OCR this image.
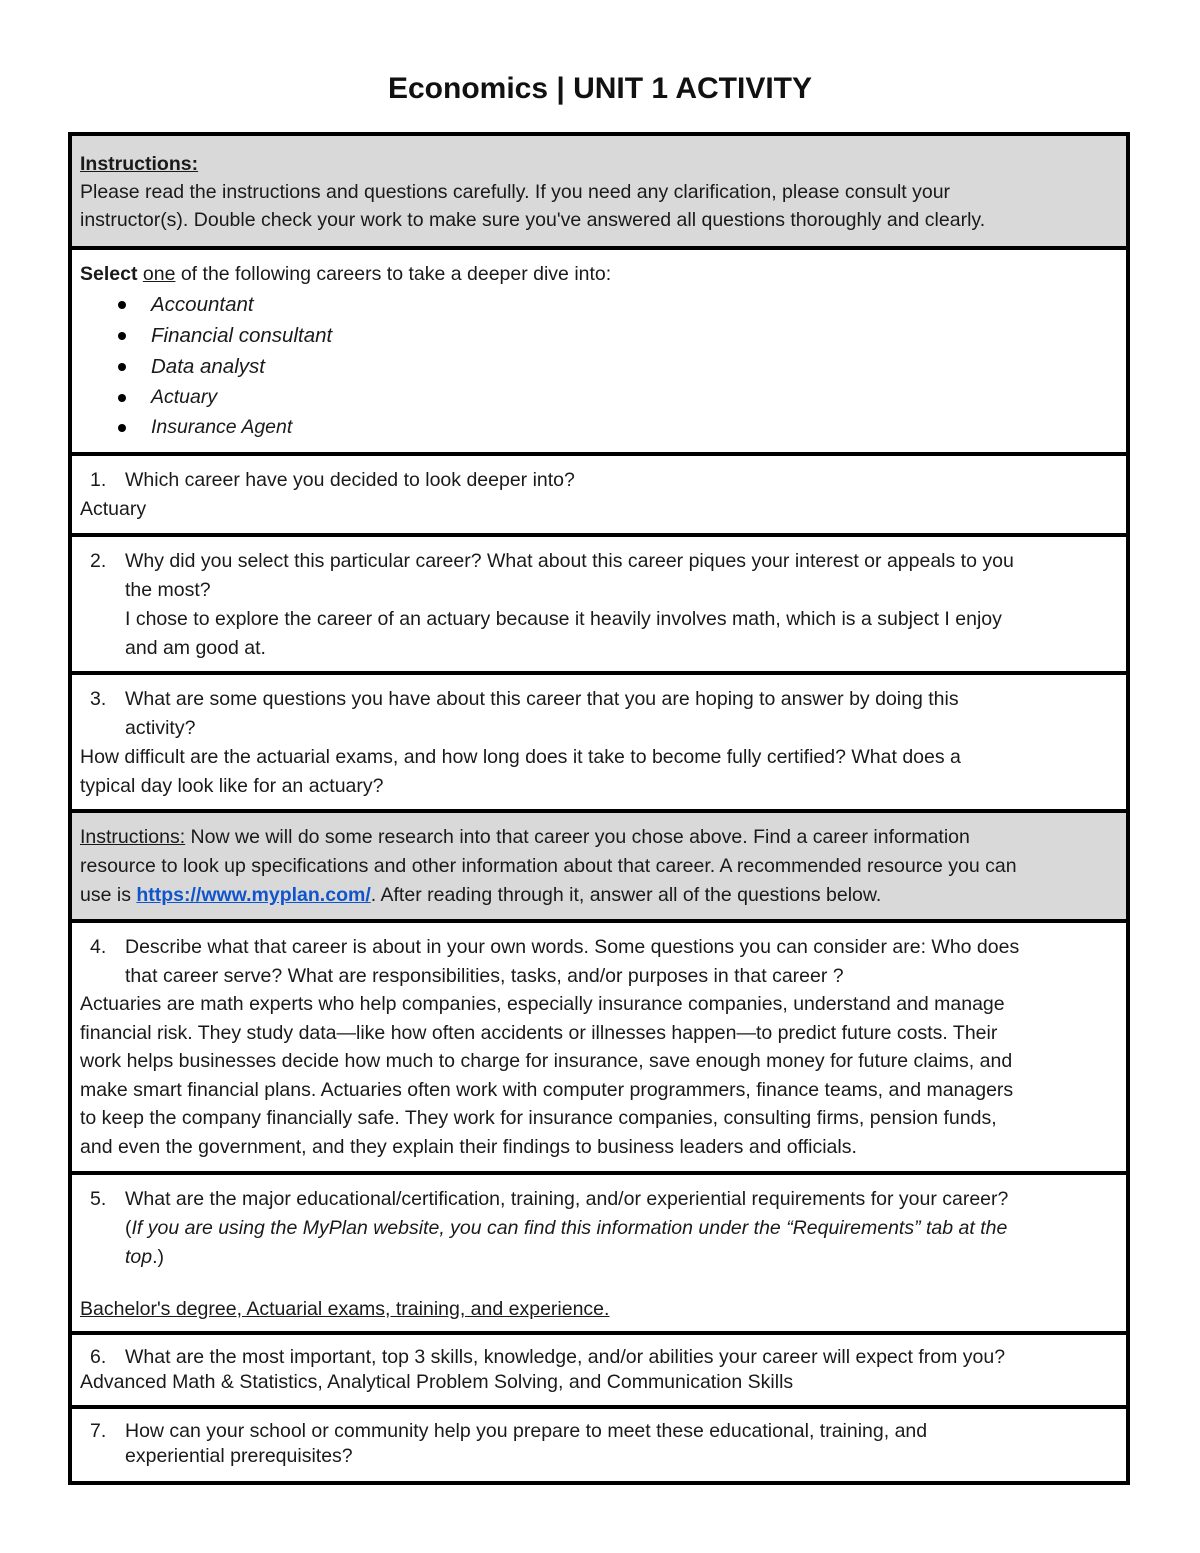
Economics | UNIT 1 ACTIVITY
Instructions:
Please read the instructions and questions carefully. If you need any clarification, please consult your
instructor(s). Double check your work to make sure you've answered all questions thoroughly and clearly.
Select one of the following careers to take a deeper dive into:
Accountant
Financial consultant
Data analyst
Actuary
Insurance Agent
1. Which career have you decided to look deeper into?
Actuary
2. Why did you select this particular career? What about this career piques your interest or appeals to you
the most?
I chose to explore the career of an actuary because it heavily involves math, which is a subject I enjoy
and am good at.
3. What are some questions you have about this career that you are hoping to answer by doing this
activity?
How difficult are the actuarial exams, and how long does it take to become fully certified? What does a
typical day look like for an actuary?
Instructions: Now we will do some research into that career you chose above. Find a career information
resource to look up specifications and other information about that career. A recommended resource you can
use is https://www.myplan.com/. After reading through it, answer all of the questions below.
4. Describe what that career is about in your own words. Some questions you can consider are: Who does
that career serve? What are responsibilities, tasks, and/or purposes in that career ?
Actuaries are math experts who help companies, especially insurance companies, understand and manage
financial risk. They study data—like how often accidents or illnesses happen—to predict future costs. Their
work helps businesses decide how much to charge for insurance, save enough money for future claims, and
make smart financial plans. Actuaries often work with computer programmers, finance teams, and managers
to keep the company financially safe. They work for insurance companies, consulting firms, pension funds,
and even the government, and they explain their findings to business leaders and officials.
5. What are the major educational/certification, training, and/or experiential requirements for your career?
(If you are using the MyPlan website, you can find this information under the “Requirements” tab at the
top.)
Bachelor's degree, Actuarial exams, training, and experience.
6. What are the most important, top 3 skills, knowledge, and/or abilities your career will expect from you?
Advanced Math & Statistics, Analytical Problem Solving, and Communication Skills
7. How can your school or community help you prepare to meet these educational, training, and
experiential prerequisites?
